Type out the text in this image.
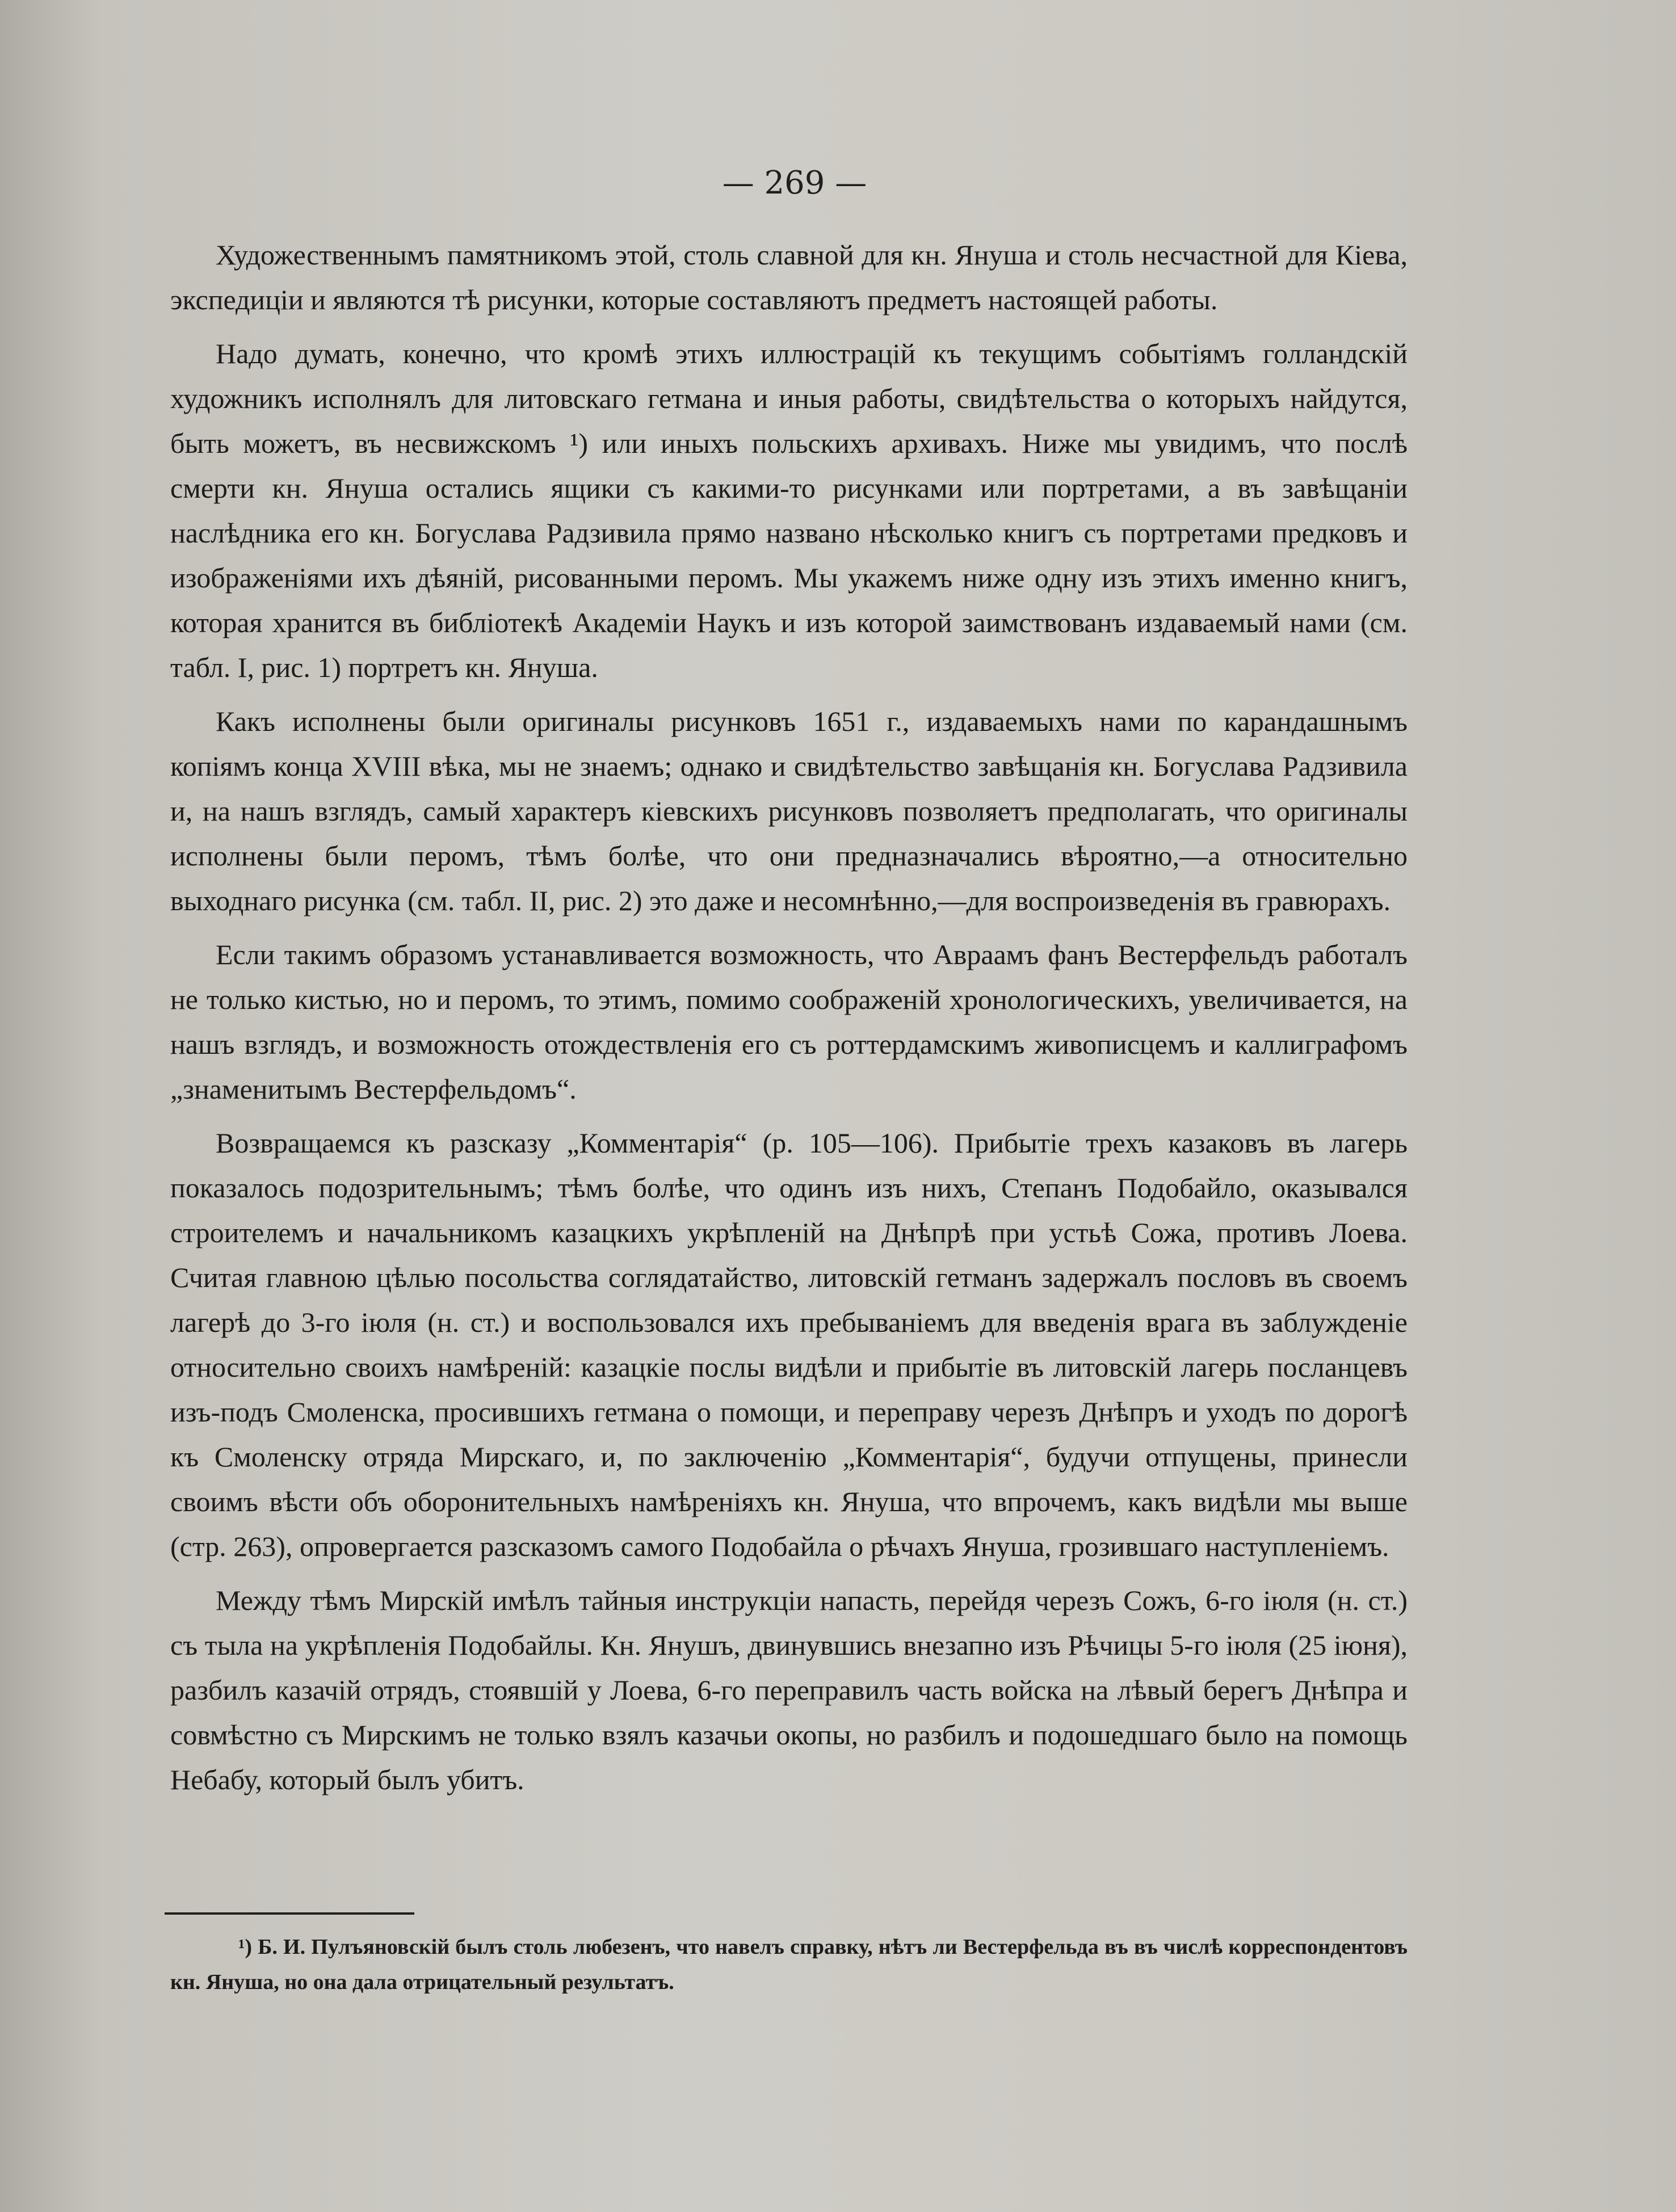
— 269 —

Художественнымъ памятникомъ этой, столь славной для кн. Януша и столь несчастной для Кіева, экспедиціи и являются тѣ рисунки, которые составляютъ предметъ настоящей работы.

Надо думать, конечно, что кромѣ этихъ иллюстрацій къ текущимъ событіямъ голландскій художникъ исполнялъ для литовскаго гетмана и иныя работы, свидѣтельства о которыхъ найдутся, быть можетъ, въ несвижскомъ ¹) или иныхъ польскихъ архивахъ. Ниже мы увидимъ, что послѣ смерти кн. Януша остались ящики съ какими-то рисунками или портретами, а въ завѣщаніи наслѣдника его кн. Богуслава Радзивила прямо названо нѣсколько книгъ съ портретами предковъ и изображеніями ихъ дѣяній, рисованными перомъ. Мы укажемъ ниже одну изъ этихъ именно книгъ, которая хранится въ библіотекѣ Академіи Наукъ и изъ которой заимствованъ издаваемый нами (см. табл. I, рис. 1) портретъ кн. Януша.

Какъ исполнены были оригиналы рисунковъ 1651 г., издаваемыхъ нами по карандашнымъ копіямъ конца XVIII вѣка, мы не знаемъ; однако и свидѣтельство завѣщанія кн. Богуслава Радзивила и, на нашъ взглядъ, самый характеръ кіевскихъ рисунковъ позволяетъ предполагать, что оригиналы исполнены были перомъ, тѣмъ болѣе, что они предназначались вѣроятно,—а относительно выходнаго рисунка (см. табл. II, рис. 2) это даже и несомнѣнно,—для воспроизведенія въ гравюрахъ.

Если такимъ образомъ устанавливается возможность, что Авраамъ фанъ Вестерфельдъ работалъ не только кистью, но и перомъ, то этимъ, помимо соображеній хронологическихъ, увеличивается, на нашъ взглядъ, и возможность отождествленія его съ роттердамскимъ живописцемъ и каллиграфомъ „знаменитымъ Вестерфельдомъ“.

Возвращаемся къ разсказу „Комментарія“ (p. 105—106). Прибытіе трехъ казаковъ въ лагерь показалось подозрительнымъ; тѣмъ болѣе, что одинъ изъ нихъ, Степанъ Подобайло, оказывался строителемъ и начальникомъ казацкихъ укрѣпленій на Днѣпрѣ при устьѣ Сожа, противъ Лоева. Считая главною цѣлью посольства соглядатайство, литовскій гетманъ задержалъ пословъ въ своемъ лагерѣ до 3-го іюля (н. ст.) и воспользовался ихъ пребываніемъ для введенія врага въ заблужденіе относительно своихъ намѣреній: казацкіе послы видѣли и прибытіе въ литовскій лагерь посланцевъ изъ-подъ Смоленска, просившихъ гетмана о помощи, и переправу черезъ Днѣпръ и уходъ по дорогѣ къ Смоленску отряда Мирскаго, и, по заключенію „Комментарія“, будучи отпущены, принесли своимъ вѣсти объ оборонительныхъ намѣреніяхъ кн. Януша, что впрочемъ, какъ видѣли мы выше (стр. 263), опровергается разсказомъ самого Подобайла о рѣчахъ Януша, грозившаго наступленіемъ.

Между тѣмъ Мирскій имѣлъ тайныя инструкціи напасть, перейдя черезъ Сожъ, 6-го іюля (н. ст.) съ тыла на укрѣпленія Подобайлы. Кн. Янушъ, двинувшись внезапно изъ Рѣчицы 5-го іюля (25 іюня), разбилъ казачій отрядъ, стоявшій у Лоева, 6-го переправилъ часть войска на лѣвый берегъ Днѣпра и совмѣстно съ Мирскимъ не только взялъ казачьи окопы, но разбилъ и подошедшаго было на помощь Небабу, который былъ убитъ.

¹) Б. И. Пулъяновскій былъ столь любезенъ, что навелъ справку, нѣтъ ли Вестерфельда въ въ числѣ корреспондентовъ кн. Януша, но она дала отрицательный результатъ.
